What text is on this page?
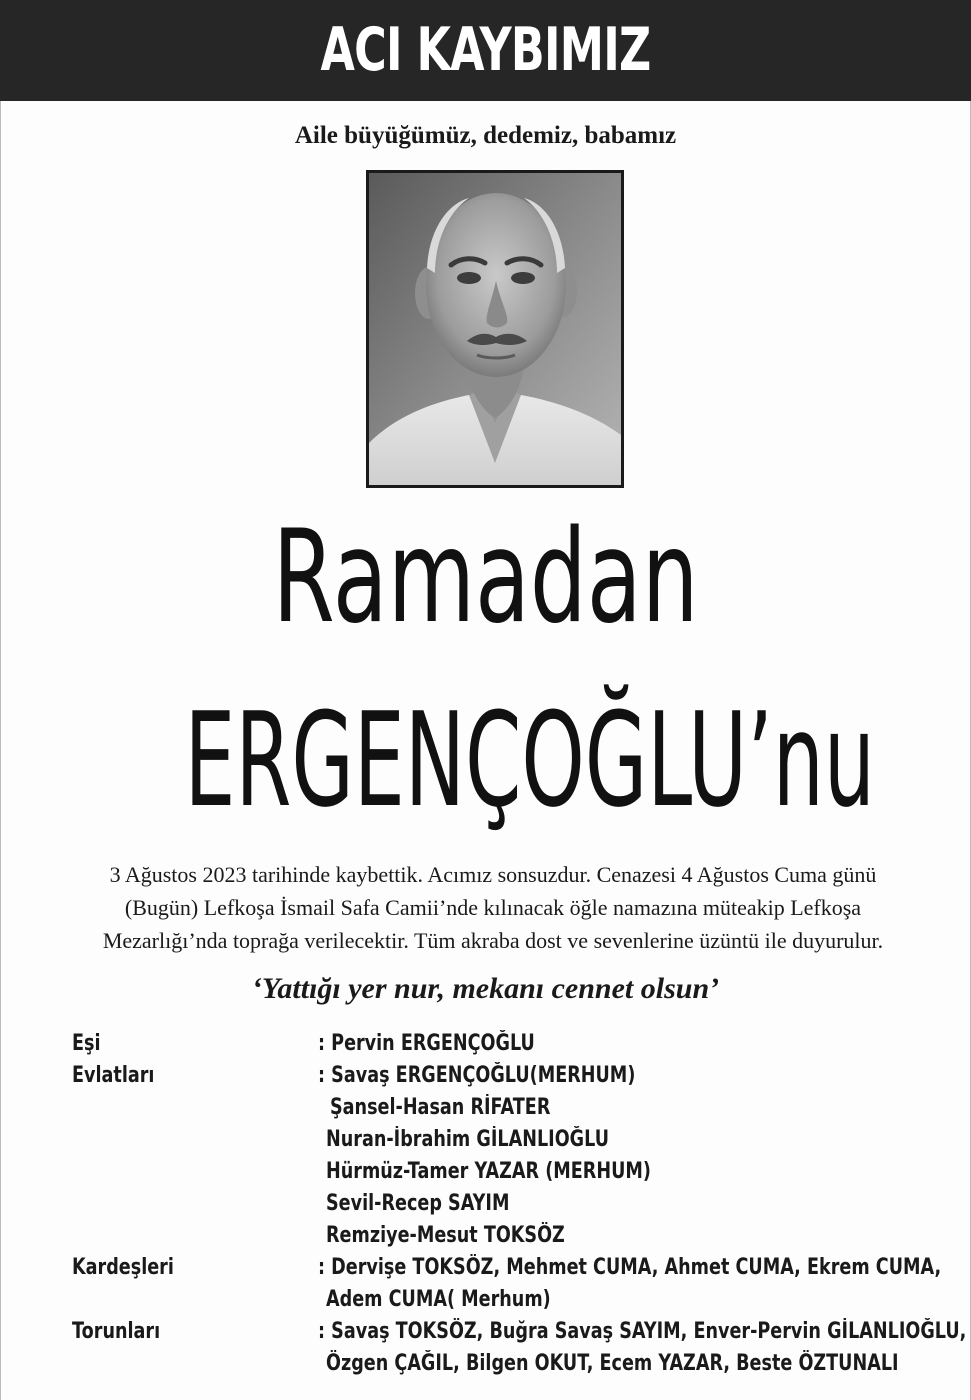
ACI KAYBIMIZ
Aile büyüğümüz, dedemiz, babamız
Ramadan
ERGENÇOĞLU’nu
3 Ağustos 2023 tarihinde kaybettik. Acımız sonsuzdur. Cenazesi 4 Ağustos Cuma günü
(Bugün) Lefkoşa İsmail Safa Camii’nde kılınacak öğle namazına müteakip Lefkoşa
Mezarlığı’nda toprağa verilecektir. Tüm akraba dost ve sevenlerine üzüntü ile duyurulur.
‘Yattığı yer nur, mekanı cennet olsun’
Eşi	: Pervin ERGENÇOĞLU
Evlatları	: Savaş ERGENÇOĞLU(MERHUM)
Şansel-Hasan RİFATER
Nuran-İbrahim GİLANLIOĞLU
Hürmüz-Tamer YAZAR (MERHUM)
Sevil-Recep SAYIM
Remziye-Mesut TOKSÖZ
Kardeşleri	: Dervişe TOKSÖZ, Mehmet CUMA, Ahmet CUMA, Ekrem CUMA,
Adem CUMA( Merhum)
Torunları	: Savaş TOKSÖZ, Buğra Savaş SAYIM, Enver-Pervin GİLANLIOĞLU,
Özgen ÇAĞIL, Bilgen OKUT, Ecem YAZAR, Beste ÖZTUNALI
